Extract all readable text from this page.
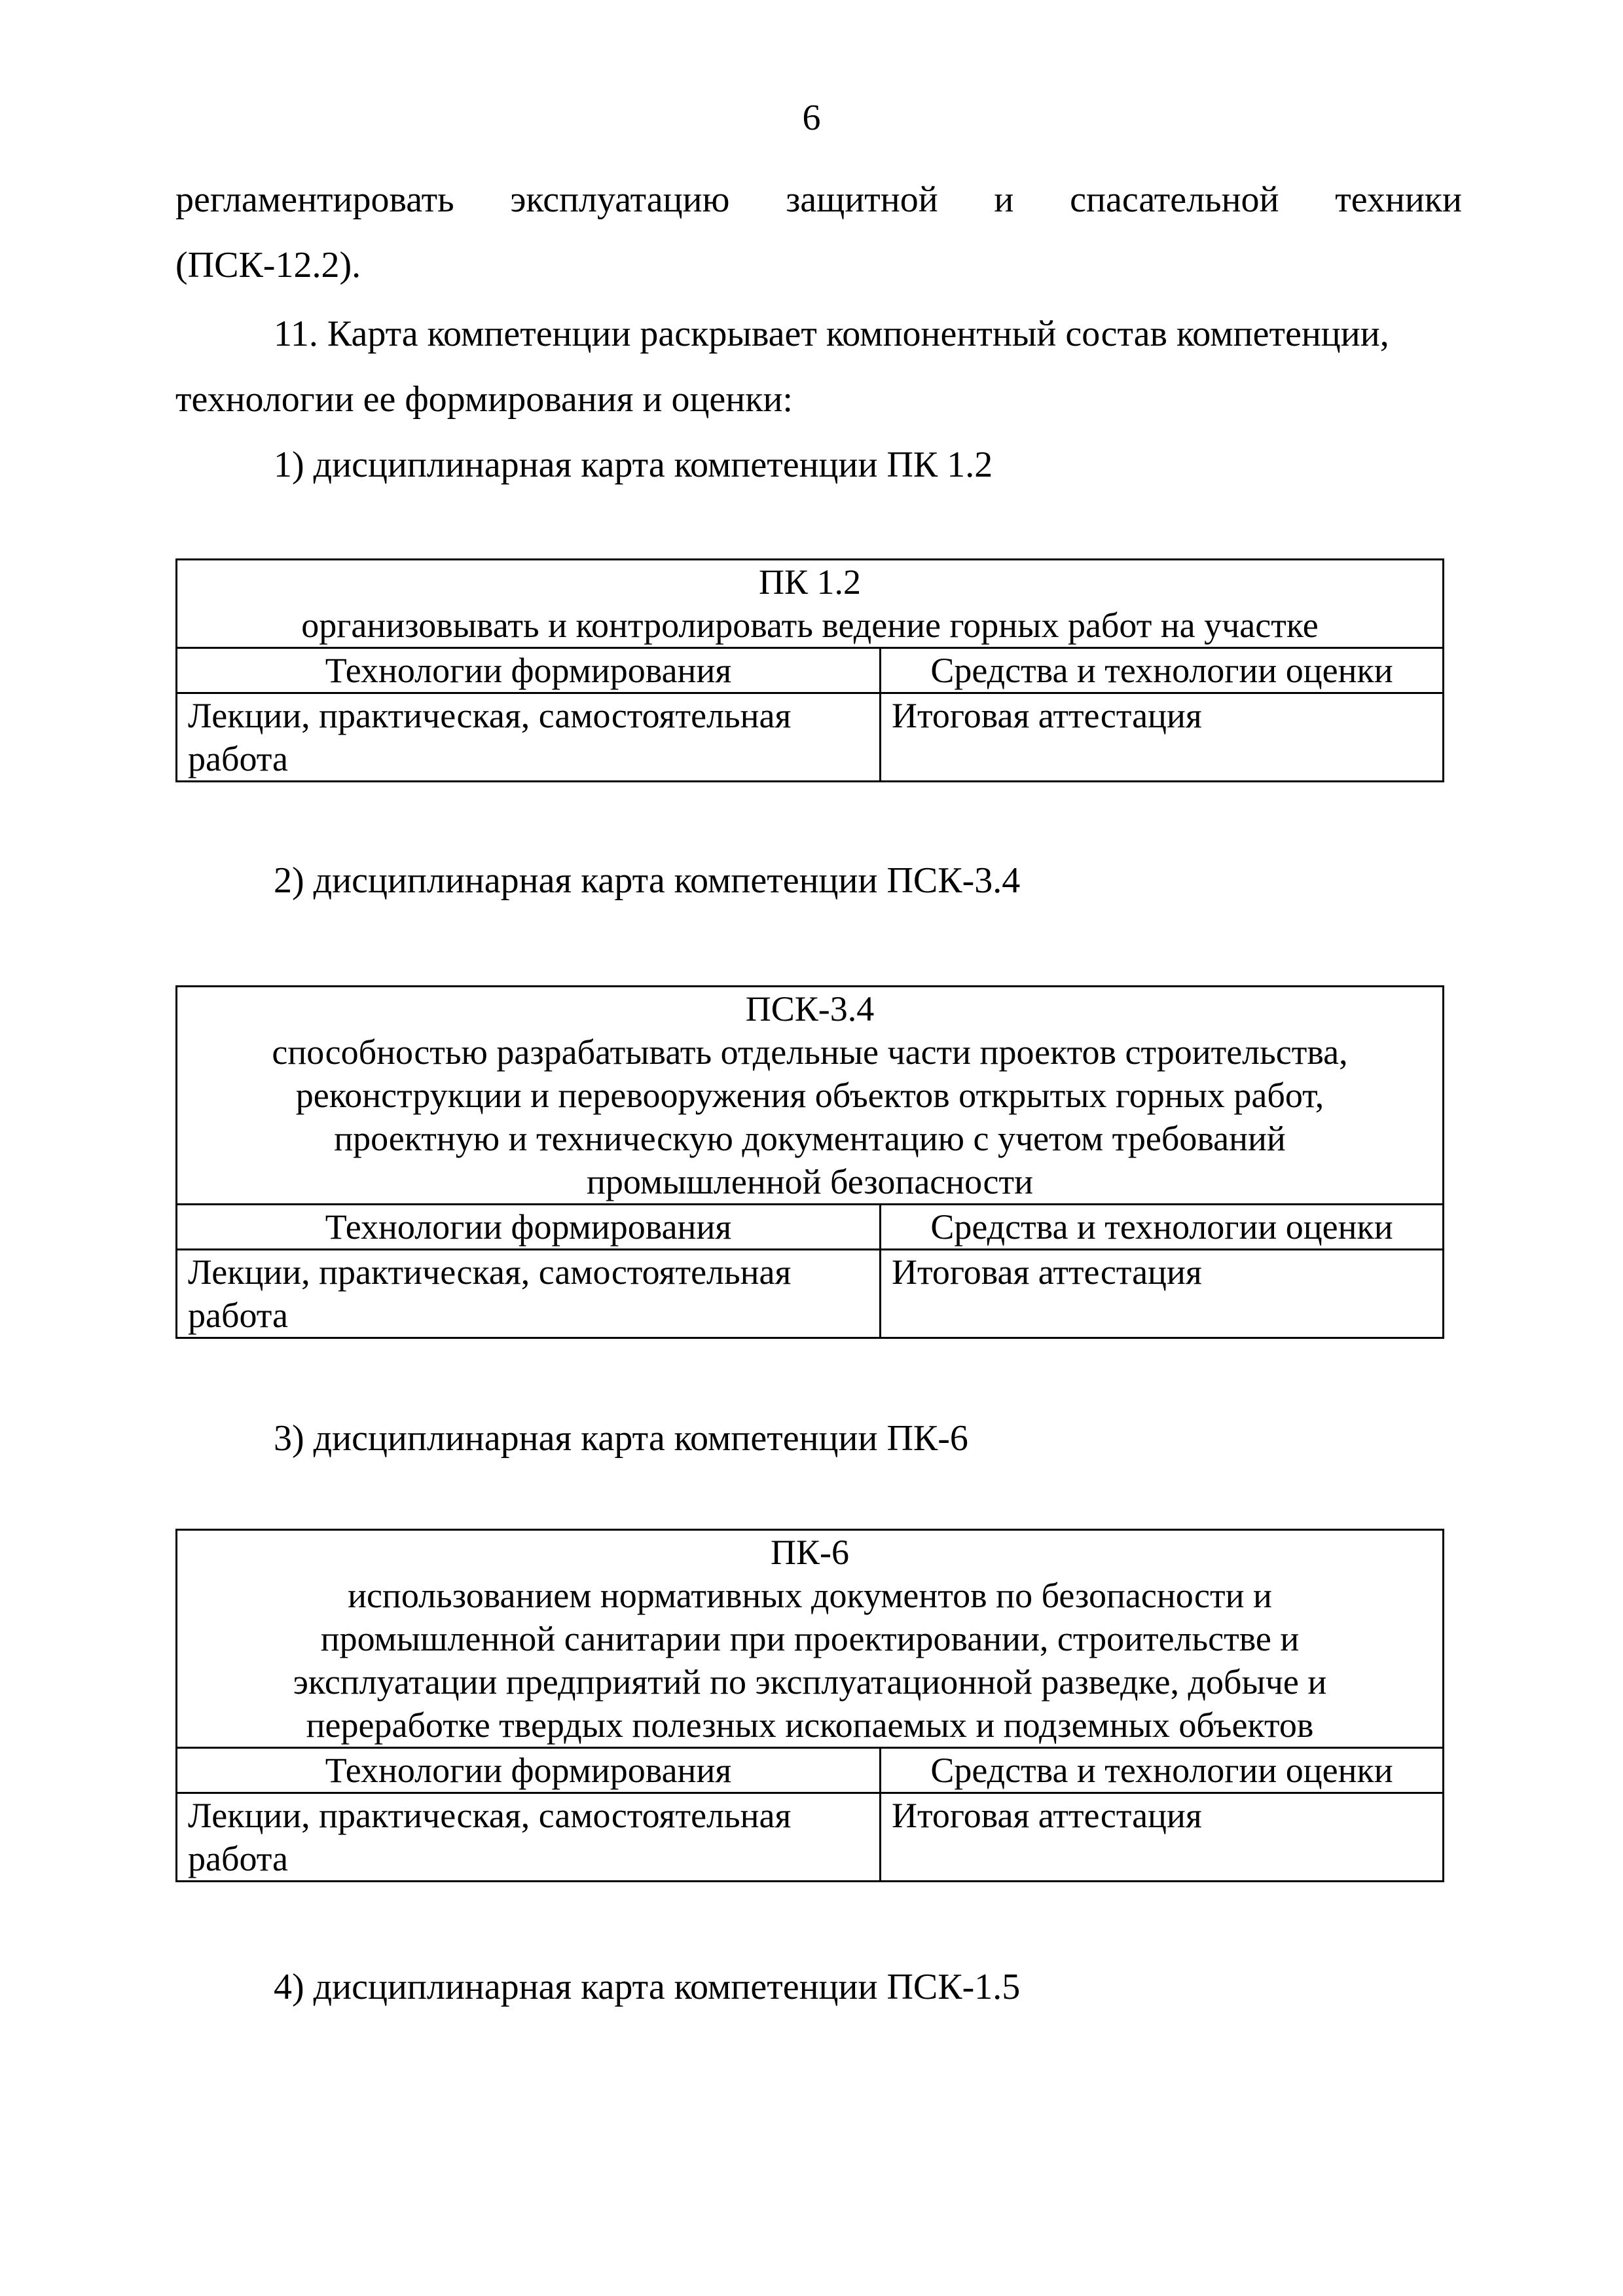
6
регламентировать эксплуатацию защитной и спасательной техники
(ПСК-12.2).
11. Карта компетенции раскрывает компонентный состав компетенции,
технологии ее формирования и оценки:
1) дисциплинарная карта компетенции ПК 1.2
ПК 1.2
организовывать и контролировать ведение горных работ на участке	

Технологии формирования	Средства и технологии оценки
Лекции, практическая, самостоятельная работа	Итоговая аттестация
2) дисциплинарная карта компетенции ПСК-3.4
ПСК-3.4
способностью разрабатывать отдельные части проектов строительства,
реконструкции и перевооружения объектов открытых горных работ,
проектную и техническую документацию с учетом требований
промышленной безопасности	

Технологии формирования	Средства и технологии оценки
Лекции, практическая, самостоятельная работа	Итоговая аттестация
3) дисциплинарная карта компетенции ПК-6
ПК-6
использованием нормативных документов по безопасности и
промышленной санитарии при проектировании, строительстве и
эксплуатации предприятий по эксплуатационной разведке, добыче и
переработке твердых полезных ископаемых и подземных объектов	

Технологии формирования	Средства и технологии оценки
Лекции, практическая, самостоятельная работа	Итоговая аттестация
4) дисциплинарная карта компетенции ПСК-1.5
